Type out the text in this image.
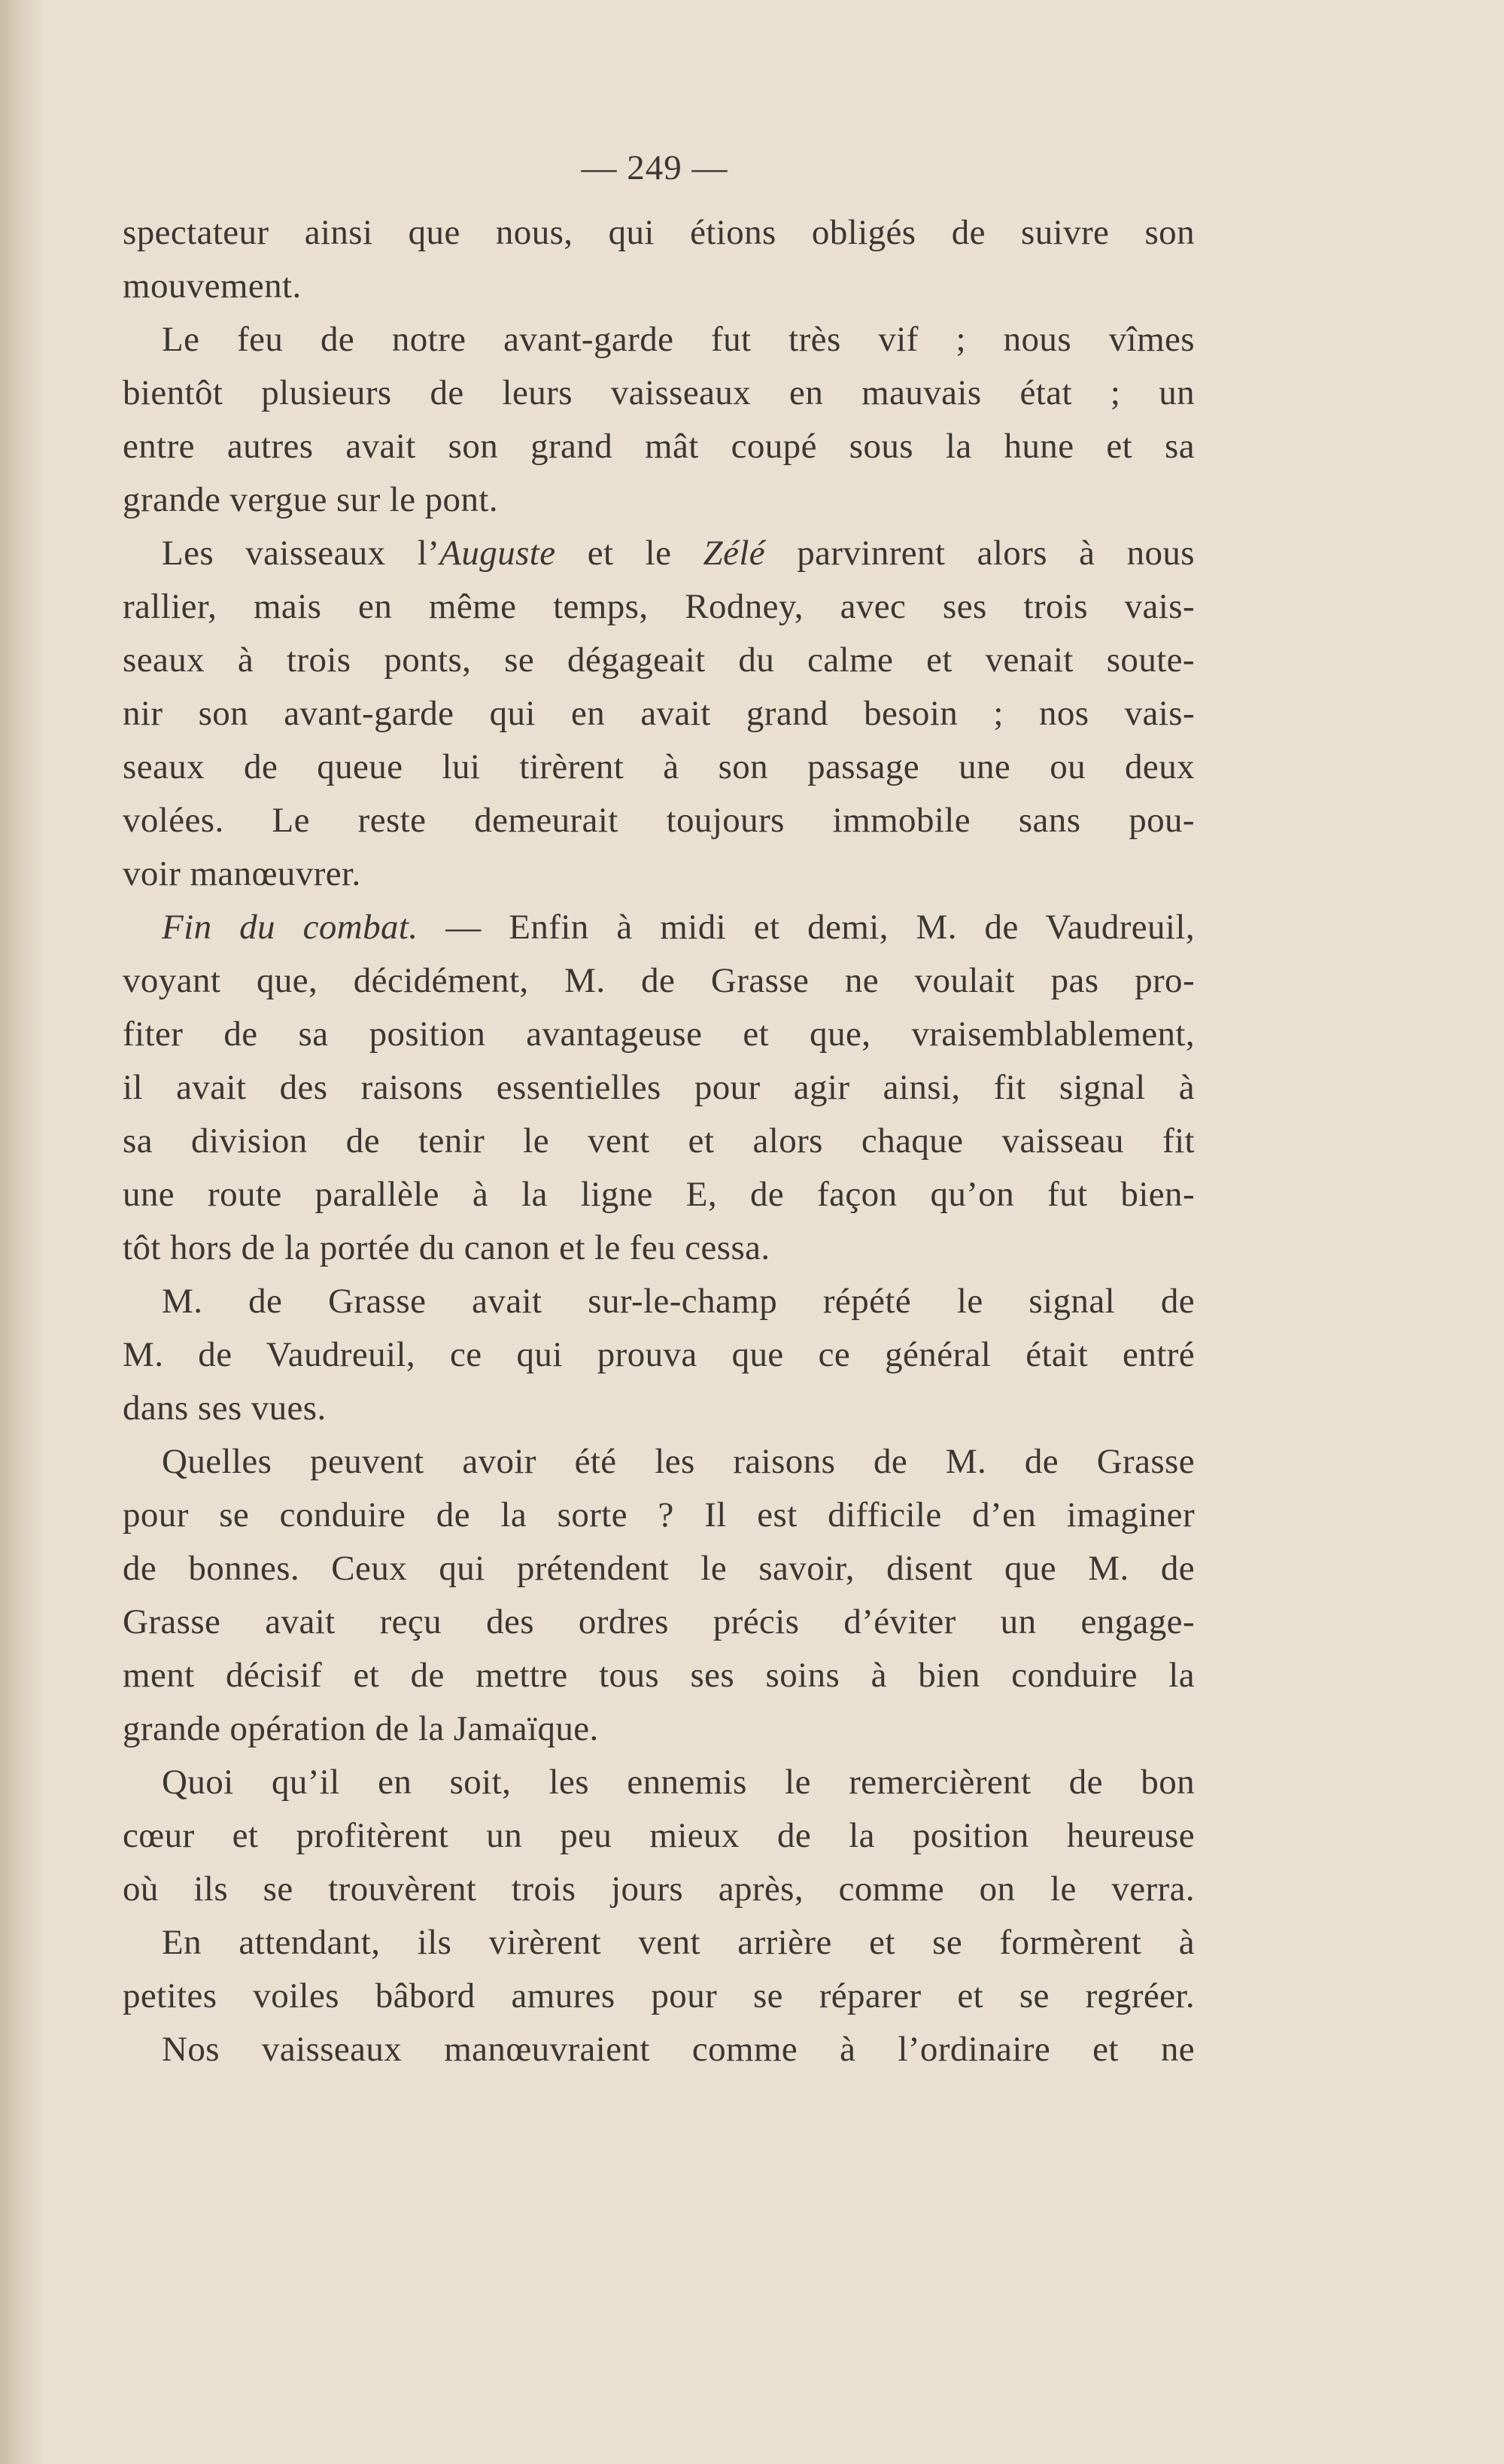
— 249 —
spectateur ainsi que nous, qui étions obligés de suivre son
mouvement.
Le feu de notre avant-garde fut très vif ; nous vîmes
bientôt plusieurs de leurs vaisseaux en mauvais état ; un
entre autres avait son grand mât coupé sous la hune et sa
grande vergue sur le pont.
Les vaisseaux l’Auguste et le Zélé parvinrent alors à nous
rallier, mais en même temps, Rodney, avec ses trois vais-
seaux à trois ponts, se dégageait du calme et venait soute-
nir son avant-garde qui en avait grand besoin ; nos vais-
seaux de queue lui tirèrent à son passage une ou deux
volées. Le reste demeurait toujours immobile sans pou-
voir manœuvrer.
Fin du combat. — Enfin à midi et demi, M. de Vaudreuil,
voyant que, décidément, M. de Grasse ne voulait pas pro-
fiter de sa position avantageuse et que, vraisemblablement,
il avait des raisons essentielles pour agir ainsi, fit signal à
sa division de tenir le vent et alors chaque vaisseau fit
une route parallèle à la ligne E, de façon qu’on fut bien-
tôt hors de la portée du canon et le feu cessa.
M. de Grasse avait sur-le-champ répété le signal de
M. de Vaudreuil, ce qui prouva que ce général était entré
dans ses vues.
Quelles peuvent avoir été les raisons de M. de Grasse
pour se conduire de la sorte ? Il est difficile d’en imaginer
de bonnes. Ceux qui prétendent le savoir, disent que M. de
Grasse avait reçu des ordres précis d’éviter un engage-
ment décisif et de mettre tous ses soins à bien conduire la
grande opération de la Jamaïque.
Quoi qu’il en soit, les ennemis le remercièrent de bon
cœur et profitèrent un peu mieux de la position heureuse
où ils se trouvèrent trois jours après, comme on le verra.
En attendant, ils virèrent vent arrière et se formèrent à
petites voiles bâbord amures pour se réparer et se regréer.
Nos vaisseaux manœuvraient comme à l’ordinaire et ne
